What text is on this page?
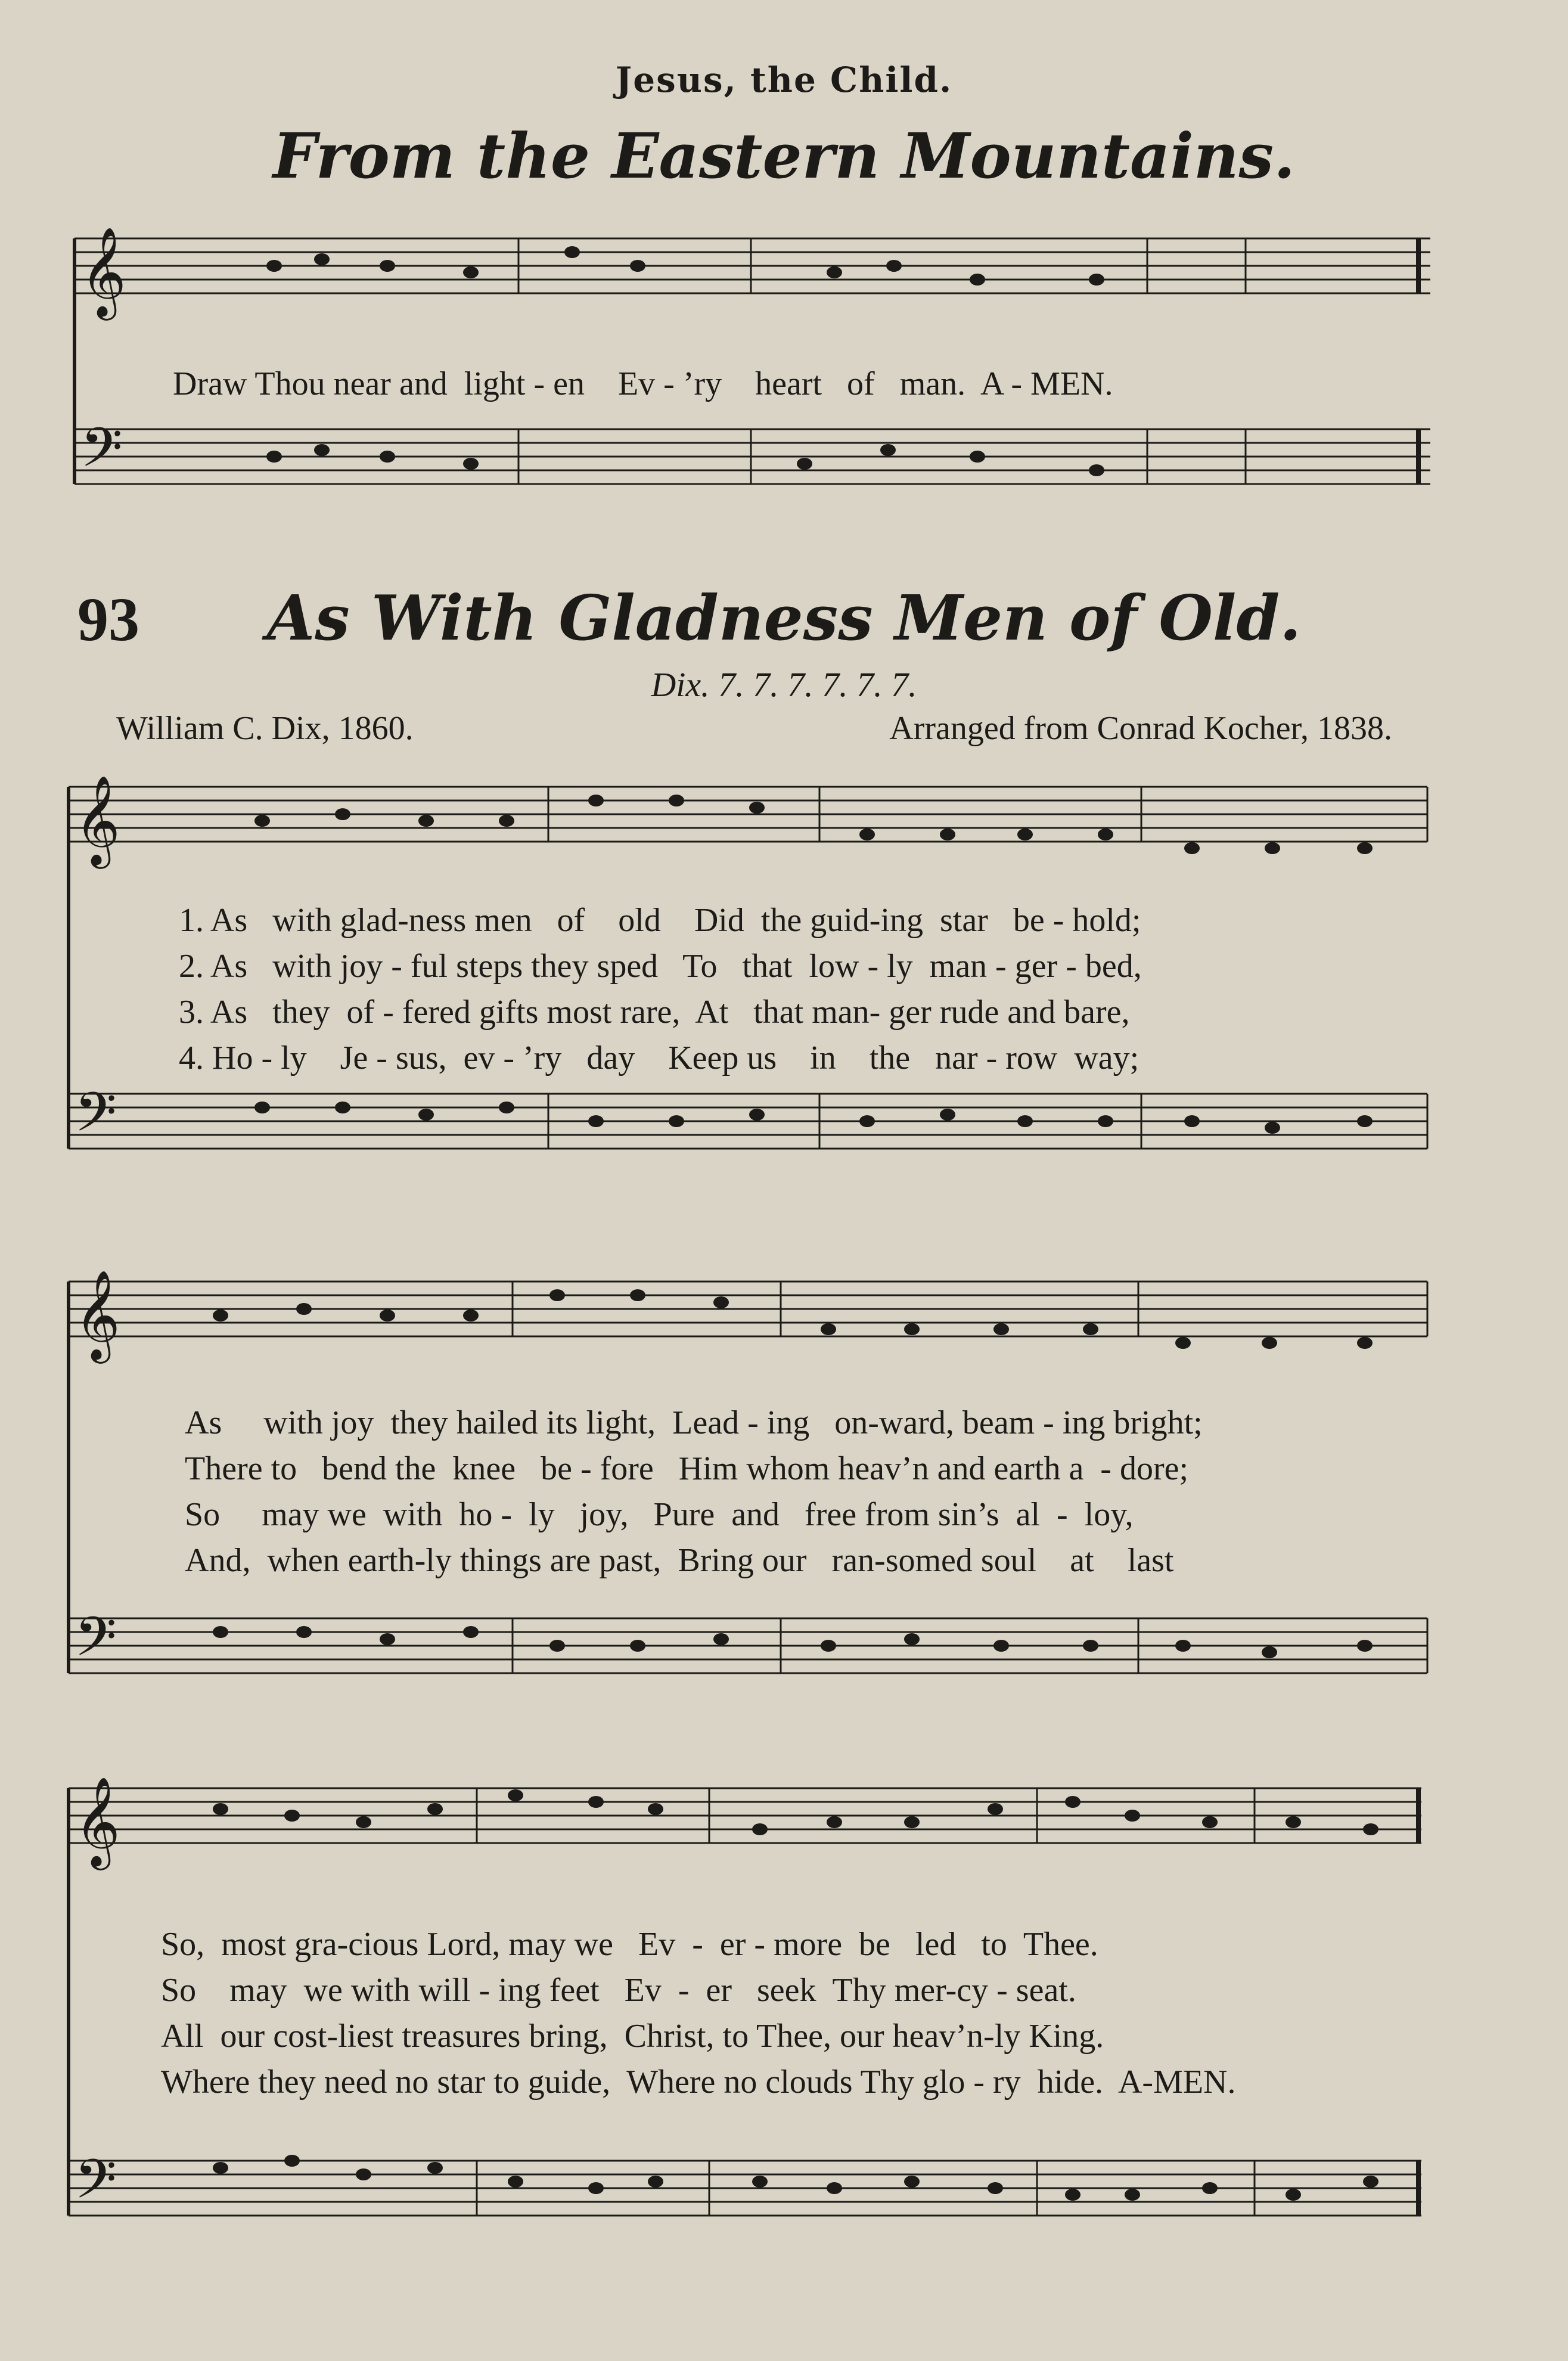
Jesus, the Child.
From the Eastern Mountains.
𝄞
𝄢
Draw Thou near and  light - en    Ev - ’ry    heart   of   man.  A - MEN.
93	As With Gladness Men of Old.
Dix. 7. 7. 7. 7. 7. 7.
William C. Dix, 1860.	Arranged from Conrad Kocher, 1838.
𝄞
𝄢
1. As   with glad-ness men   of    old    Did  the guid-ing  star   be - hold;
2. As   with joy - ful steps they sped   To   that  low - ly  man - ger - bed,
3. As   they  of - fered gifts most rare,  At   that man- ger rude and bare,
4. Ho - ly    Je - sus,  ev - ’ry   day    Keep us    in    the   nar - row  way;
𝄞
𝄢
As     with joy  they hailed its light,  Lead - ing   on-ward, beam - ing bright;
There to   bend the  knee   be - fore   Him whom heav’n and earth a  - dore;
So     may we  with  ho -  ly   joy,   Pure  and   free from sin’s  al  -  loy,
And,  when earth-ly things are past,  Bring our   ran-somed soul    at    last
𝄞
𝄢
So,  most gra-cious Lord, may we   Ev  -  er - more  be   led   to  Thee.
So    may  we with will - ing feet   Ev  -  er   seek  Thy mer-cy - seat.
All  our cost-liest treasures bring,  Christ, to Thee, our heav’n-ly King.
Where they need no star to guide,  Where no clouds Thy glo - ry  hide.  A-MEN.
